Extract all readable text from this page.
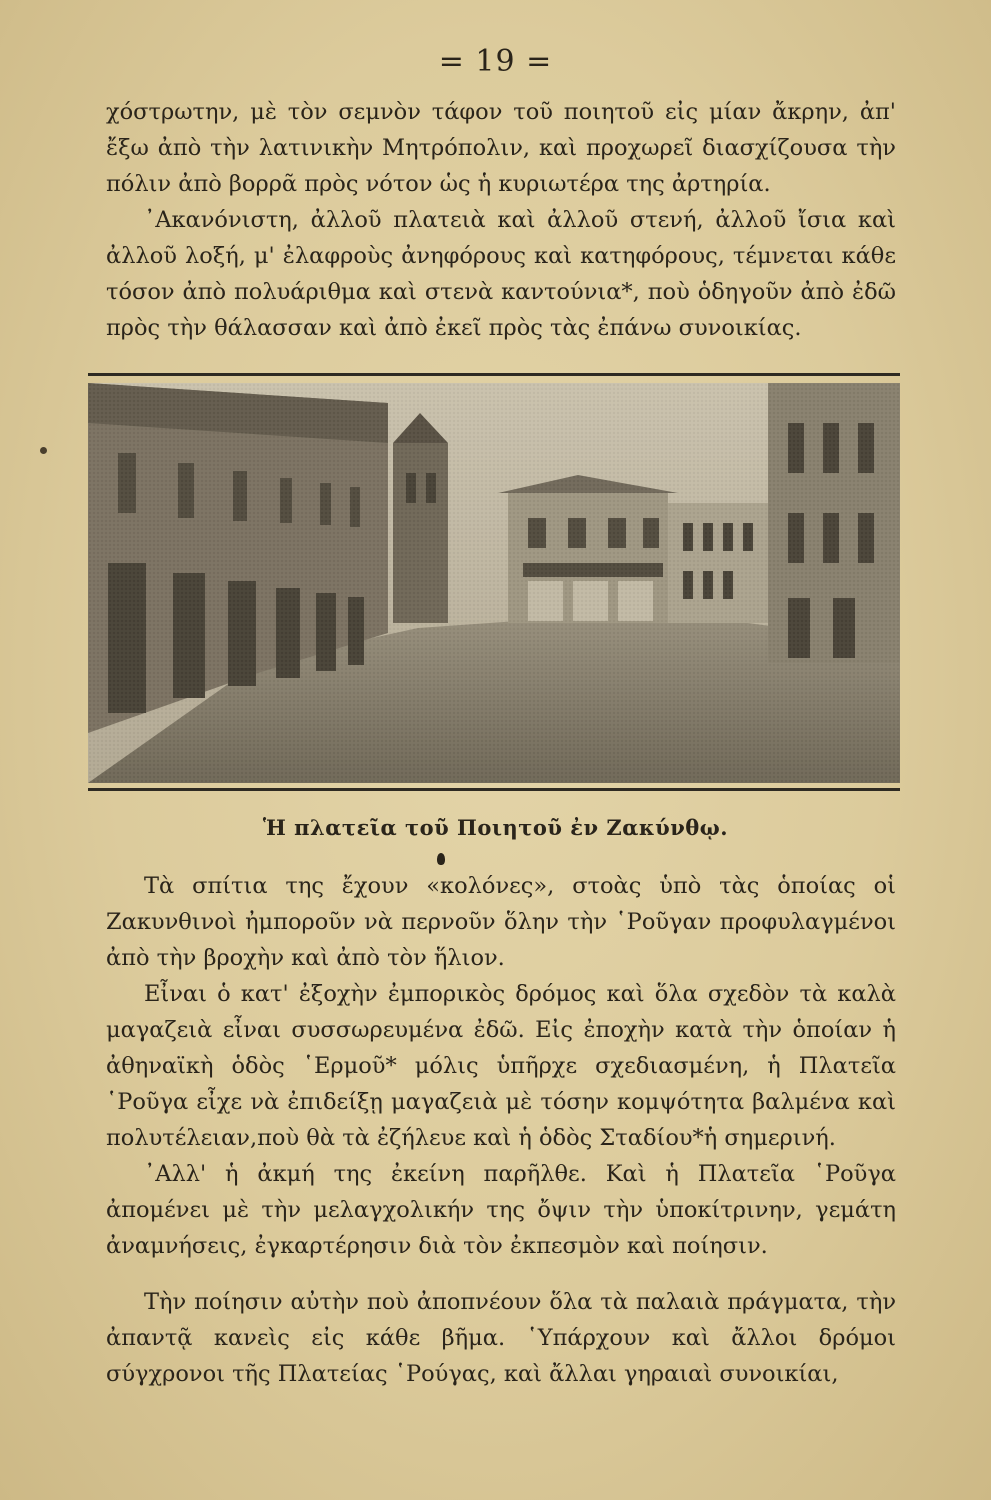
= 19 =

χόστρωτην, μὲ τὸν σεμνὸν τάφον τοῦ ποιητοῦ εἰς μίαν ἄκρην, ἀπ' ἔξω ἀπὸ τὴν λατινικὴν Μητρόπολιν, καὶ προχωρεῖ διασχίζουσα τὴν πόλιν ἀπὸ βορρᾶ πρὸς νότον ὡς ἡ κυριωτέρα της ἀρτηρία.

᾿Ακανόνιστη, ἀλλοῦ πλατειὰ καὶ ἀλλοῦ στενή, ἀλλοῦ ἴσια καὶ ἀλλοῦ λοξή, μ' ἐλαφροὺς ἀνηφόρους καὶ κατηφόρους, τέμνεται κάθε τόσον ἀπὸ πολυάριθμα καὶ στενὰ καντούνια*, ποὺ ὁδηγοῦν ἀπὸ ἐδῶ πρὸς τὴν θάλασσαν καὶ ἀπὸ ἐκεῖ πρὸς τὰς ἐπάνω συνοικίας.

Ἡ πλατεῖα τοῦ Ποιητοῦ ἐν Ζακύνθῳ.

Τὰ σπίτια της ἔχουν «κολόνες», στοὰς ὑπὸ τὰς ὁποίας οἱ Ζακυνθινοὶ ἠμποροῦν νὰ περνοῦν ὅλην τὴν ῾Ροῦγαν προφυλαγμένοι ἀπὸ τὴν βροχὴν καὶ ἀπὸ τὸν ἥλιον.

Εἶναι ὁ κατ' ἐξοχὴν ἐμπορικὸς δρόμος καὶ ὅλα σχεδὸν τὰ καλὰ μαγαζειὰ εἶναι συσσωρευμένα ἐδῶ. Εἰς ἐποχὴν κατὰ τὴν ὁποίαν ἡ ἀθηναϊκὴ ὁδὸς ῾Ερμοῦ* μόλις ὑπῆρχε σχεδιασμένη, ἡ Πλατεῖα ῾Ροῦγα εἶχε νὰ ἐπιδείξῃ μαγαζειὰ μὲ τόσην κομψότητα βαλμένα καὶ πολυτέλειαν,ποὺ θὰ τὰ ἐζήλευε καὶ ἡ ὁδὸς Σταδίου*ἡ σημερινή.

᾿Αλλ' ἡ ἀκμή της ἐκείνη παρῆλθε. Καὶ ἡ Πλατεῖα ῾Ροῦγα ἀπομένει μὲ τὴν μελαγχολικήν της ὄψιν τὴν ὑποκίτρινην, γεμάτη ἀναμνήσεις, ἐγκαρτέρησιν διὰ τὸν ἐκπεσμὸν καὶ ποίησιν.

Τὴν ποίησιν αὐτὴν ποὺ ἀποπνέουν ὅλα τὰ παλαιὰ πράγματα, τὴν ἀπαντᾷ κανεὶς εἰς κάθε βῆμα. ῾Υπάρχουν καὶ ἄλλοι δρόμοι σύγχρονοι τῆς Πλατείας ῾Ρούγας, καὶ ἄλλαι γηραιαὶ συνοικίαι,
